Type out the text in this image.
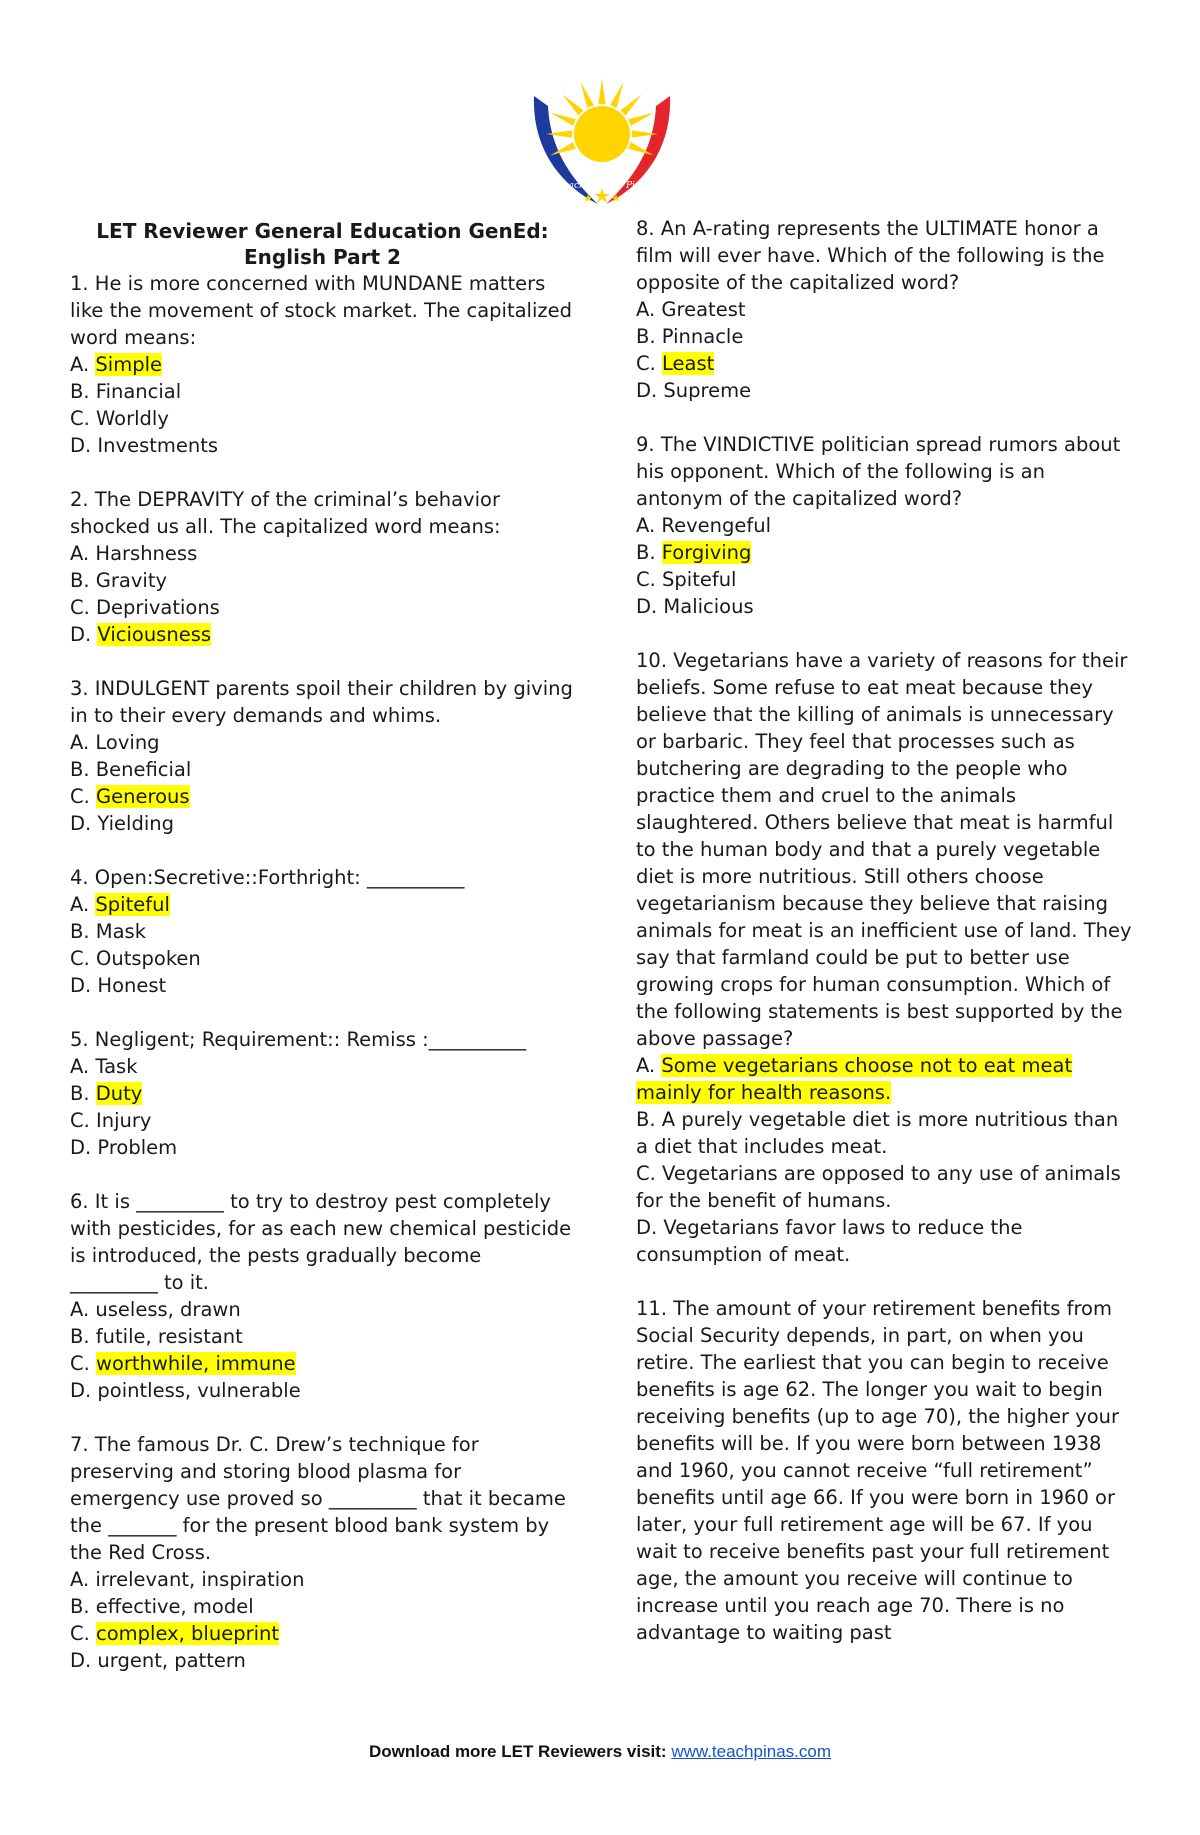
Teach	Pinas
LET Reviewer General Education GenEd: English Part 2

1. He is more concerned with MUNDANE matters like the movement of stock market. The capitalized word means:

A. Simple

B. Financial

C. Worldly

D. Investments

2. The DEPRAVITY of the criminal’s behavior shocked us all. The capitalized word means:

A. Harshness

B. Gravity

C. Deprivations

D. Viciousness

3. INDULGENT parents spoil their children by giving in to their every demands and whims.

A. Loving

B. Beneficial

C. Generous

D. Yielding

4. Open:Secretive::Forthright: __________

A. Spiteful

B. Mask

C. Outspoken

D. Honest

5. Negligent; Requirement:: Remiss :__________

A. Task

B. Duty

C. Injury

D. Problem

6. It is _________ to try to destroy pest completely with pesticides, for as each new chemical pesticide is introduced, the pests gradually become _________ to it.

A. useless, drawn

B. futile, resistant

C. worthwhile, immune

D. pointless, vulnerable

7. The famous Dr. C. Drew’s technique for preserving and storing blood plasma for emergency use proved so _________ that it became the _______ for the present blood bank system by the Red Cross.

A. irrelevant, inspiration

B. effective, model

C. complex, blueprint

D. urgent, pattern

8. An A-rating represents the ULTIMATE honor a film will ever have. Which of the following is the opposite of the capitalized word?

A. Greatest

B. Pinnacle

C. Least

D. Supreme

9. The VINDICTIVE politician spread rumors about his opponent. Which of the following is an antonym of the capitalized word?

A. Revengeful

B. Forgiving

C. Spiteful

D. Malicious

10. Vegetarians have a variety of reasons for their beliefs. Some refuse to eat meat because they believe that the killing of animals is unnecessary or barbaric. They feel that processes such as butchering are degrading to the people who practice them and cruel to the animals slaughtered. Others believe that meat is harmful to the human body and that a purely vegetable diet is more nutritious. Still others choose vegetarianism because they believe that raising animals for meat is an inefficient use of land. They say that farmland could be put to better use growing crops for human consumption. Which of the following statements is best supported by the above passage?

A. Some vegetarians choose not to eat meat mainly for health reasons.

B. A purely vegetable diet is more nutritious than a diet that includes meat.

C. Vegetarians are opposed to any use of animals for the benefit of humans.

D. Vegetarians favor laws to reduce the consumption of meat.

11. The amount of your retirement benefits from Social Security depends, in part, on when you retire. The earliest that you can begin to receive benefits is age 62. The longer you wait to begin receiving benefits (up to age 70), the higher your benefits will be. If you were born between 1938 and 1960, you cannot receive “full retirement” benefits until age 66. If you were born in 1960 or later, your full retirement age will be 67. If you wait to receive benefits past your full retirement age, the amount you receive will continue to increase until you reach age 70. There is no advantage to waiting past

Download more LET Reviewers visit: www.teachpinas.com
